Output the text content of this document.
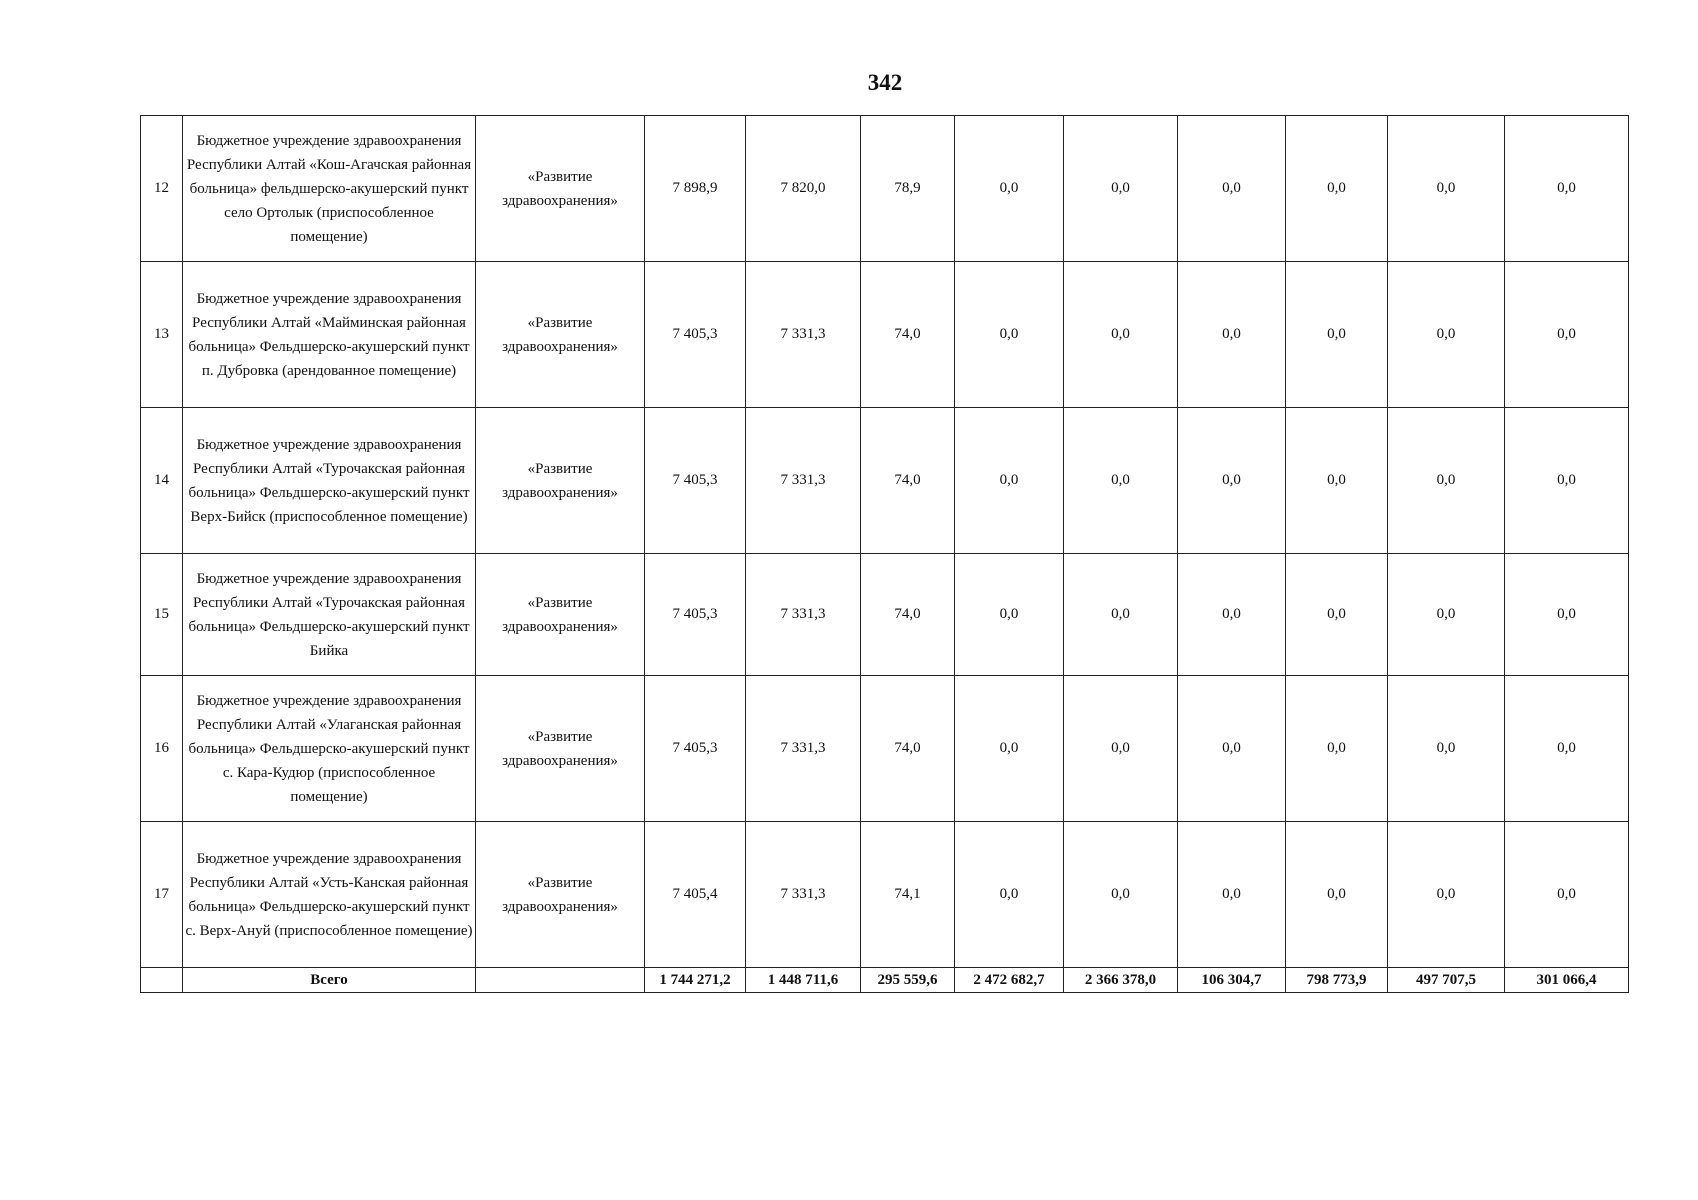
342
12	Бюджетное учреждение здравоохранения Республики Алтай «Кош-Агачская районная больница» фельдшерско-акушерский пункт село Ортолык (приспособленное помещение)	«Развитие здравоохранения»	7 898,9	7 820,0	78,9	0,0	0,0	0,0	0,0	0,0	0,0
13	Бюджетное учреждение здравоохранения Республики Алтай «Майминская районная больница» Фельдшерско-акушерский пункт п. Дубровка (арендованное помещение)	«Развитие здравоохранения»	7 405,3	7 331,3	74,0	0,0	0,0	0,0	0,0	0,0	0,0
14	Бюджетное учреждение здравоохранения Республики Алтай «Турочакская районная больница» Фельдшерско-акушерский пункт Верх-Бийск (приспособленное помещение)	«Развитие здравоохранения»	7 405,3	7 331,3	74,0	0,0	0,0	0,0	0,0	0,0	0,0
15	Бюджетное учреждение здравоохранения Республики Алтай «Турочакская районная больница» Фельдшерско-акушерский пункт Бийка	«Развитие здравоохранения»	7 405,3	7 331,3	74,0	0,0	0,0	0,0	0,0	0,0	0,0
16	Бюджетное учреждение здравоохранения Республики Алтай «Улаганская районная больница» Фельдшерско-акушерский пункт с. Кара-Кудюр (приспособленное помещение)	«Развитие здравоохранения»	7 405,3	7 331,3	74,0	0,0	0,0	0,0	0,0	0,0	0,0
17	Бюджетное учреждение здравоохранения Республики Алтай «Усть-Канская районная больница» Фельдшерско-акушерский пункт с. Верх-Ануй (приспособленное помещение)	«Развитие здравоохранения»	7 405,4	7 331,3	74,1	0,0	0,0	0,0	0,0	0,0	0,0
	Всего		1 744 271,2	1 448 711,6	295 559,6	2 472 682,7	2 366 378,0	106 304,7	798 773,9	497 707,5	301 066,4
